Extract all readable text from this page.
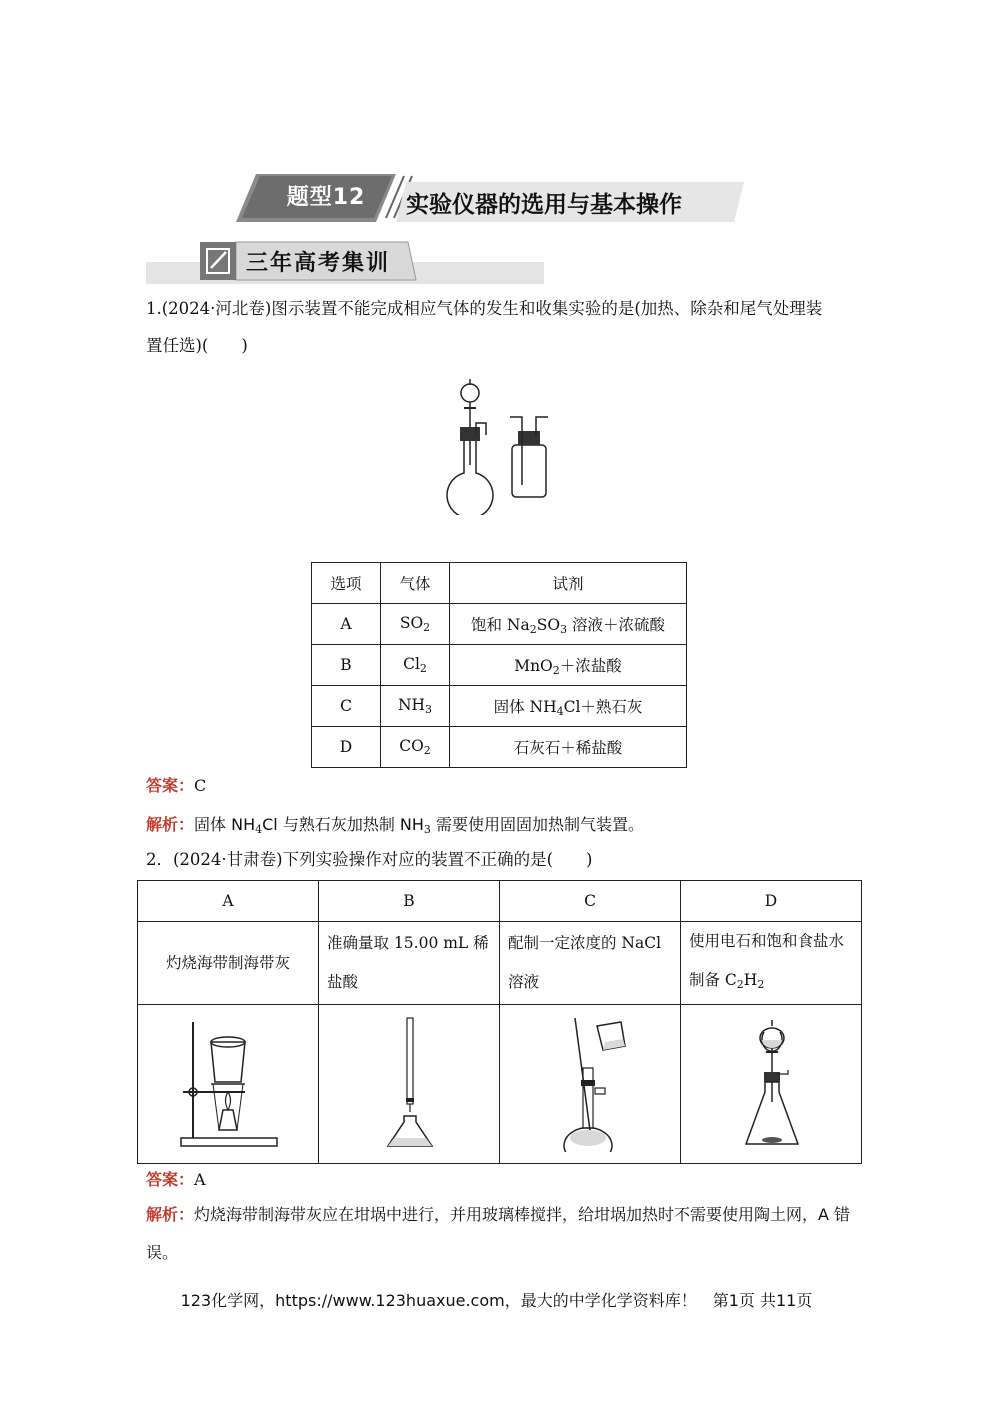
题型12	实验仪器的选用与基本操作
三年高考集训
1.(2024·河北卷)图示装置不能完成相应气体的发生和收集实验的是(加热、除杂和尾气处理装
置任选)(　　)
选项	气体	试剂
A	$SO_2$	饱和 $Na_2SO_3$ 溶液＋浓硫酸
B	$Cl_2$	MnO$_2$＋浓盐酸
C	$NH_3$	固体 $NH_4Cl+$熟石灰
D	$CO_2$	石灰石＋稀盐酸
答案：C
解析：固体 $NH_4Cl$ 与熟石灰加热制 $NH_3$ 需要使用固固加热制气装置。
2．(2024·甘肃卷)下列实验操作对应的装置不正确的是(　　)
A	B	C	D
灼烧海带制海带灰	准确量取 15.00 mL 稀盐酸	配制一定浓度的 NaCl 溶液	使用电石和饱和食盐水制备 $C_2H_2$

答案：A
解析：灼烧海带制海带灰应在坩埚中进行，并用玻璃棒搅拌，给坩埚加热时不需要使用陶土网，A 错误。
123化学网，https://www.123huaxue.com，最大的中学化学资料库！　第1页 共11页
